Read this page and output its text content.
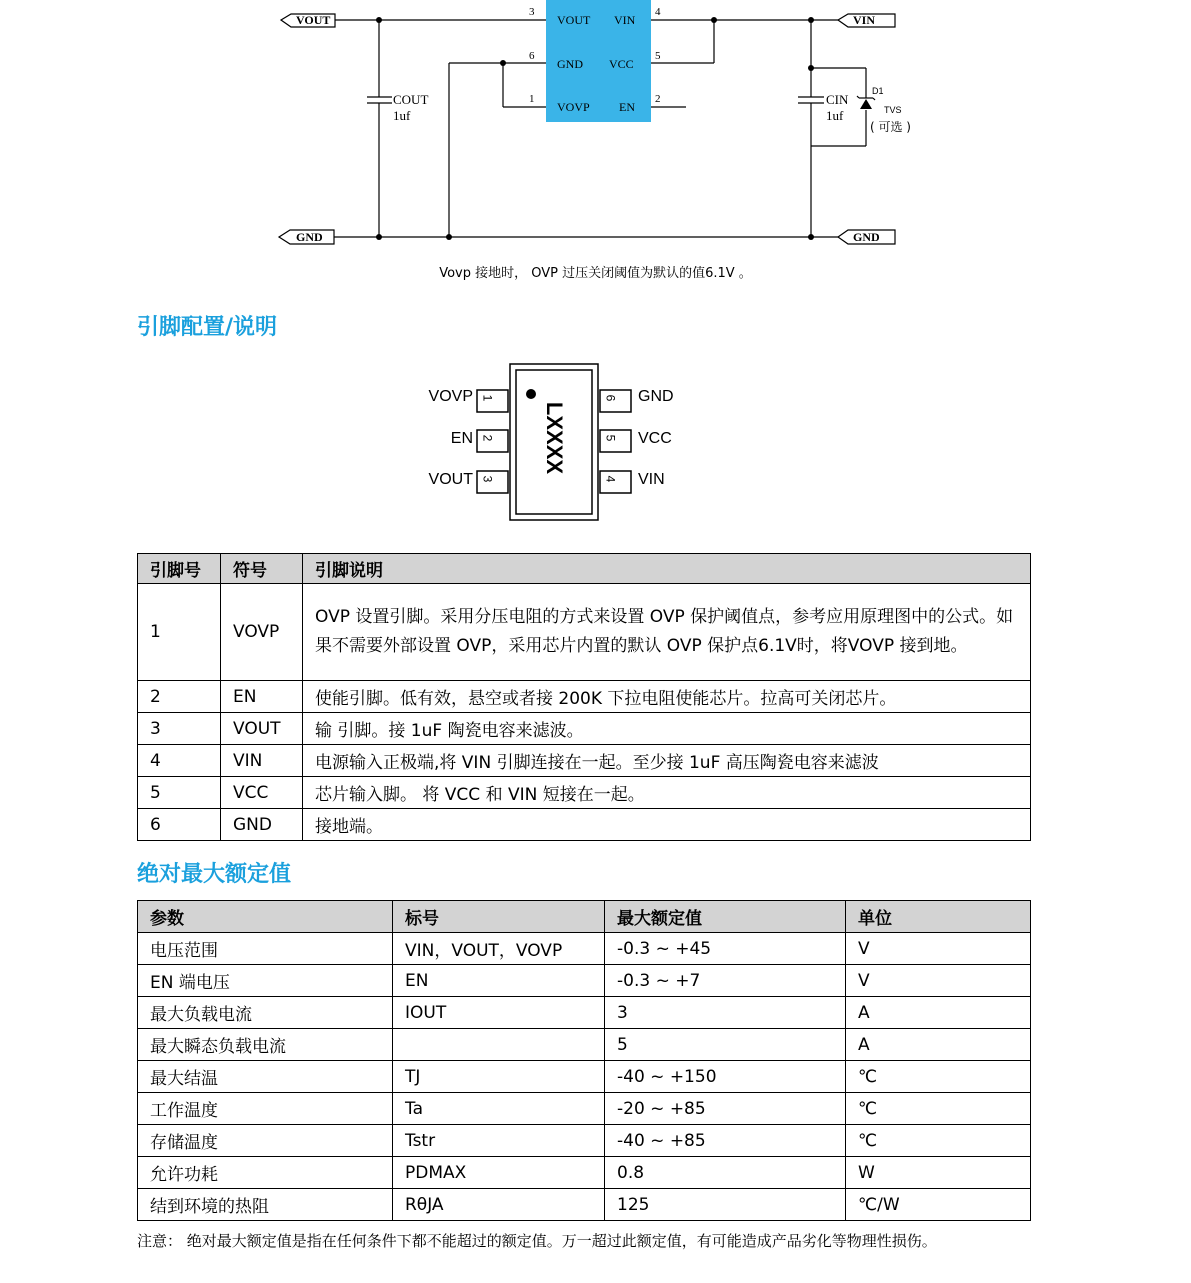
VOUT
GND
VIN
GND
3
VOUT
4
VIN
6
GND
5
VCC
1
VOVP
2
EN
COUT
1uf
CIN
1uf
D1
TVS
( 可选 )
Vovp 接地时， OVP 过压关闭阈值为默认的值6.1V 。
引脚配置/说明
LXXXX
1
2
3
6
5
4
VOVP
EN
VOUT
GND
VCC
VIN
引脚号	符号	引脚说明
1	VOVP	OVP 设置引脚。采用分压电阻的方式来设置 OVP 保护阈值点，参考应用原理图中的公式。如果不需要外部设置 OVP，采用芯片内置的默认 OVP 保护点6.1V时，将VOVP 接到地。
2	EN	使能引脚。低有效，悬空或者接 200K 下拉电阻使能芯片。拉高可关闭芯片。
3	VOUT	输 引脚。接 1uF 陶瓷电容来滤波。
4	VIN	电源输入正极端,将 VIN 引脚连接在一起。至少接 1uF 高压陶瓷电容来滤波
5	VCC	芯片输入脚。 将 VCC 和 VIN 短接在一起。
6	GND	接地端。
绝对最大额定值
参数	标号	最大额定值	单位
电压范围	VIN，VOUT，VOVP	-0.3 ~ +45	V
EN 端电压	EN	-0.3 ~ +7	V
最大负载电流	IOUT	3	A
最大瞬态负载电流		5	A
最大结温	TJ	-40 ~ +150	℃
工作温度	Ta	-20 ~ +85	℃
存储温度	Tstr	-40 ~ +85	℃
允许功耗	PDMAX	0.8	W
结到环境的热阻	RθJA	125	℃/W
注意： 绝对最大额定值是指在任何条件下都不能超过的额定值。万一超过此额定值，有可能造成产品劣化等物理性损伤。
